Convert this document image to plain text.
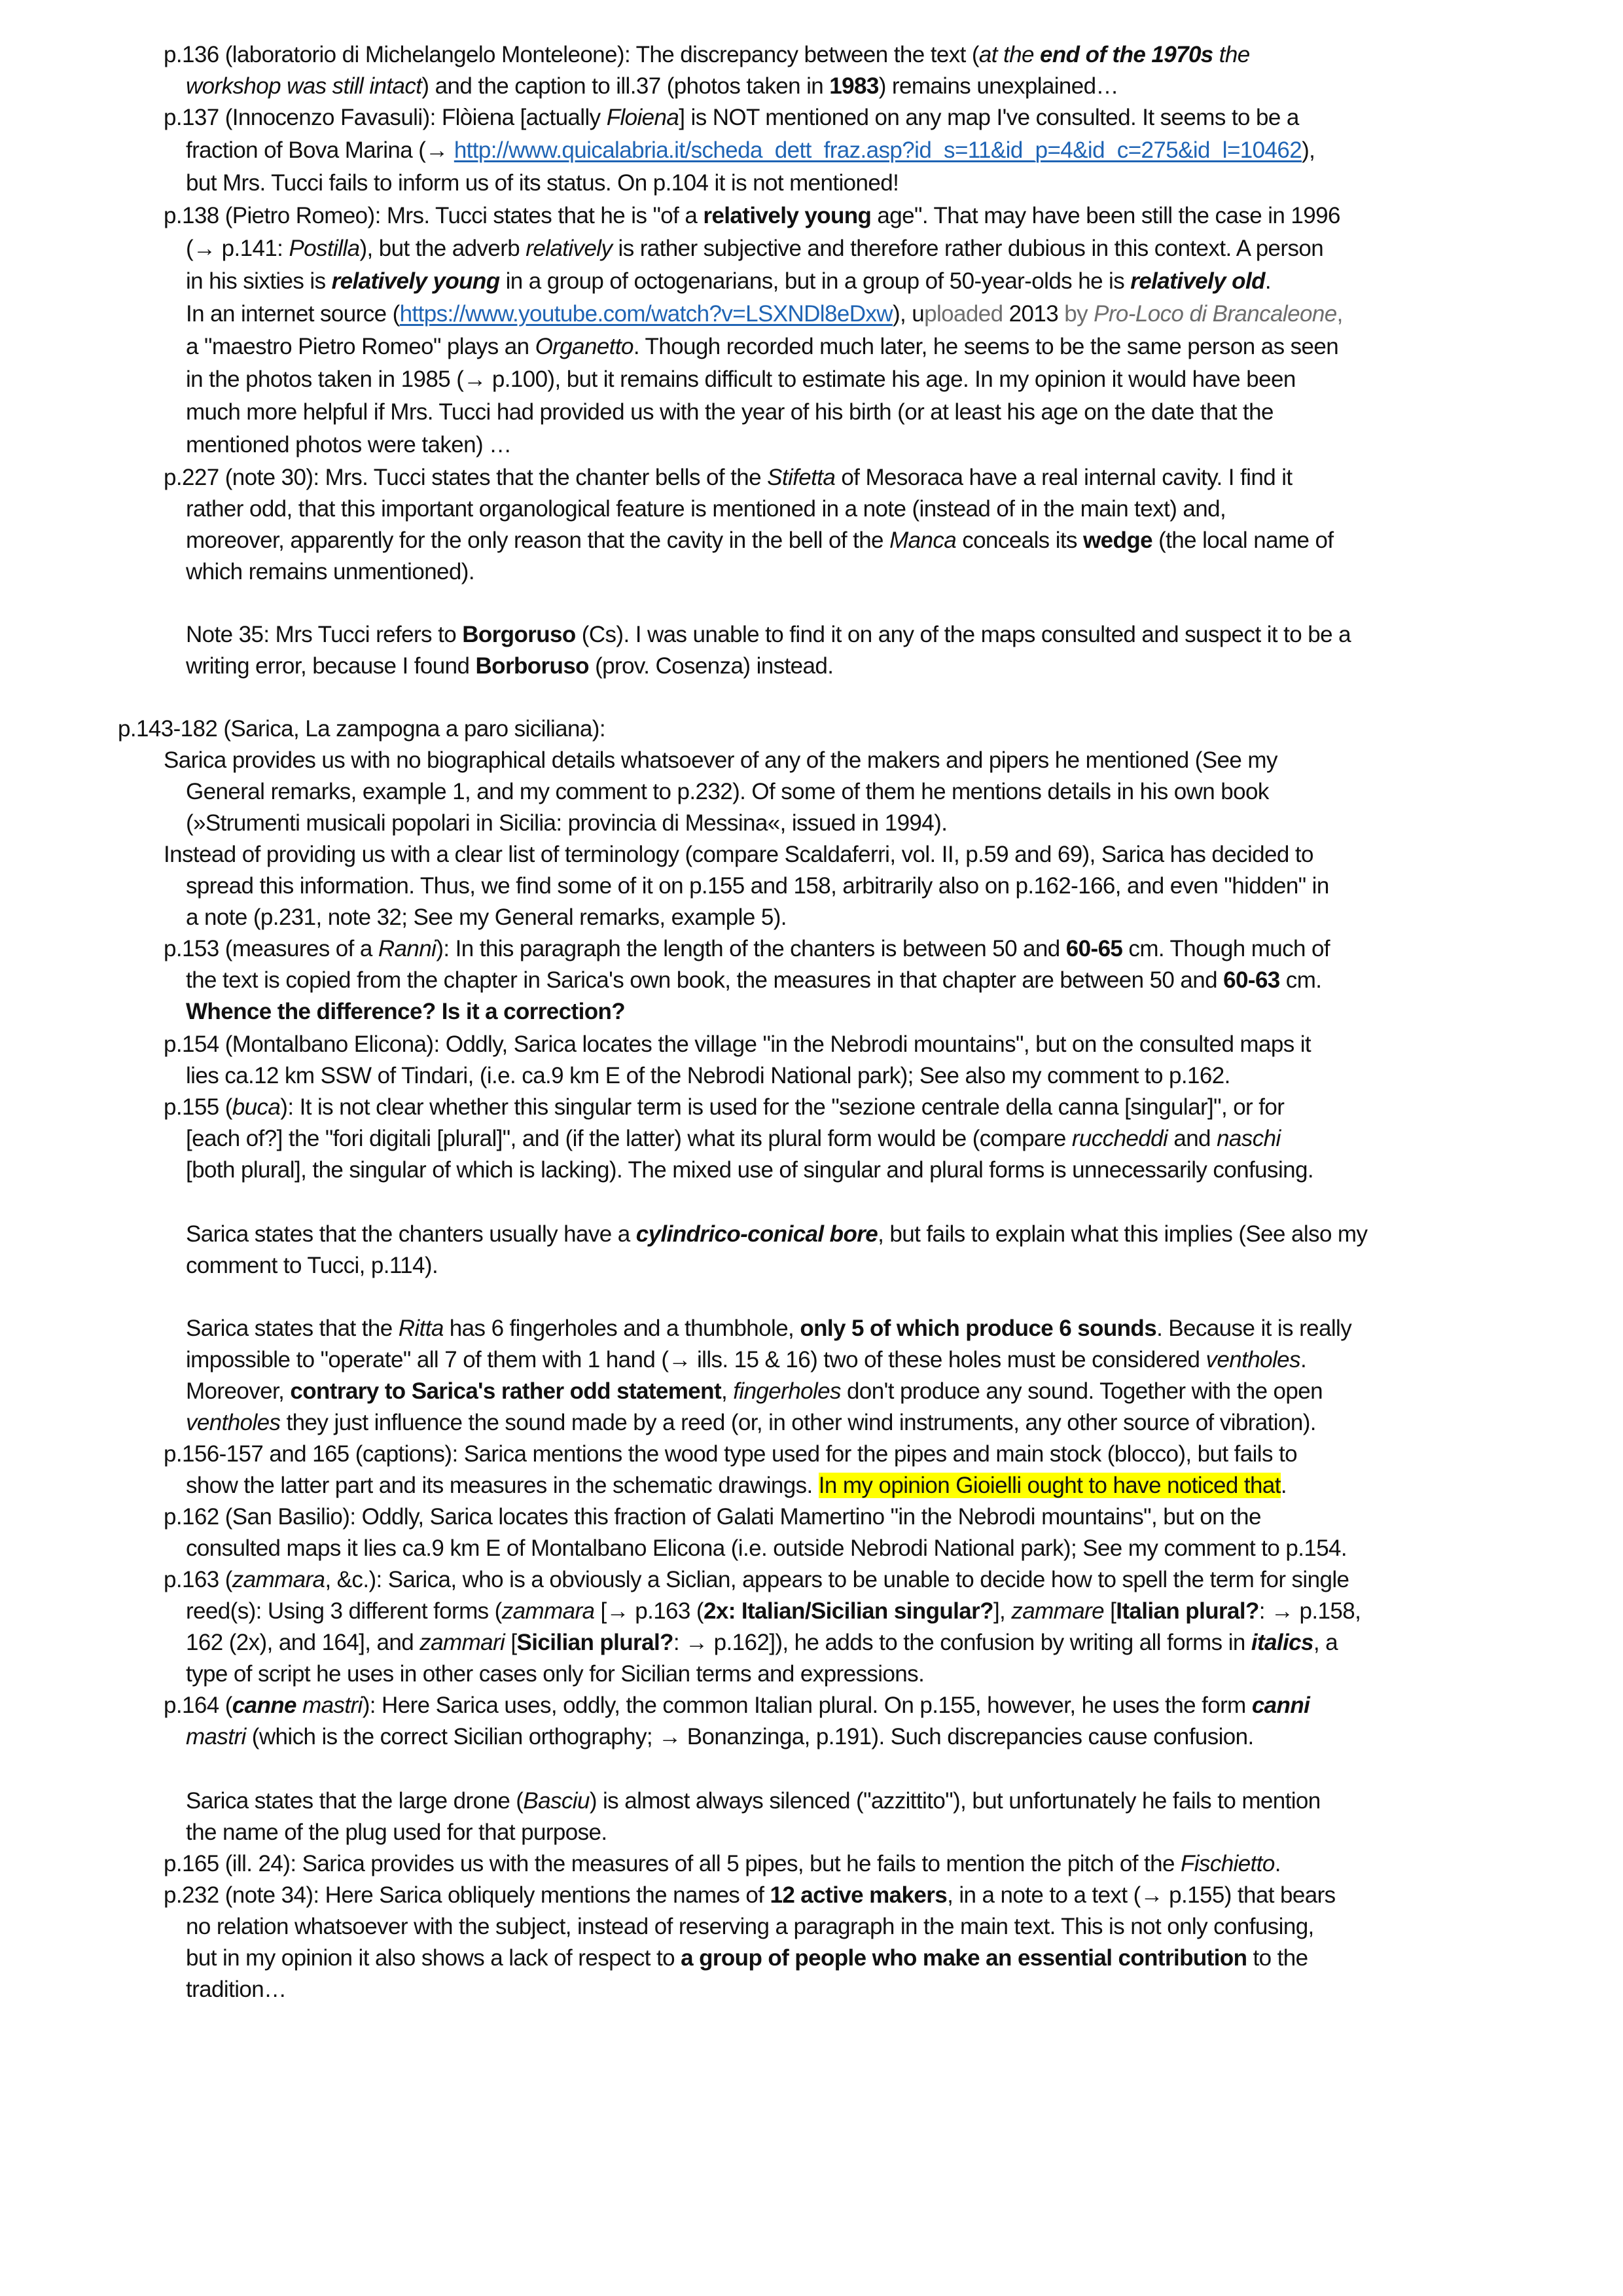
p.136 (laboratorio di Michelangelo Monteleone): The discrepancy between the text (at the end of the 1970s the
workshop was still intact) and the caption to ill.37 (photos taken in 1983) remains unexplained…
p.137 (Innocenzo Favasuli): Flòiena [actually Floiena] is NOT mentioned on any map I've consulted. It seems to be a
fraction of Bova Marina (→ http://www.quicalabria.it/scheda_dett_fraz.asp?id_s=11&id_p=4&id_c=275&id_l=10462),
but Mrs. Tucci fails to inform us of its status. On p.104 it is not mentioned!
p.138 (Pietro Romeo): Mrs. Tucci states that he is "of a relatively young age". That may have been still the case in 1996
(→ p.141: Postilla), but the adverb relatively is rather subjective and therefore rather dubious in this context. A person
in his sixties is relatively young in a group of octogenarians, but in a group of 50-year-olds he is relatively old.
In an internet source (https://www.youtube.com/watch?v=LSXNDl8eDxw), uploaded 2013 by Pro-Loco di Brancaleone,
a "maestro Pietro Romeo" plays an Organetto. Though recorded much later, he seems to be the same person as seen
in the photos taken in 1985 (→ p.100), but it remains difficult to estimate his age. In my opinion it would have been
much more helpful if Mrs. Tucci had provided us with the year of his birth (or at least his age on the date that the
mentioned photos were taken) …
p.227 (note 30): Mrs. Tucci states that the chanter bells of the Stifetta of Mesoraca have a real internal cavity. I find it
rather odd, that this important organological feature is mentioned in a note (instead of in the main text) and,
moreover, apparently for the only reason that the cavity in the bell of the Manca conceals its wedge (the local name of
which remains unmentioned).
Note 35: Mrs Tucci refers to Borgoruso (Cs). I was unable to find it on any of the maps consulted and suspect it to be a
writing error, because I found Borboruso (prov. Cosenza) instead.
p.143-182 (Sarica, La zampogna a paro siciliana):
Sarica provides us with no biographical details whatsoever of any of the makers and pipers he mentioned (See my
General remarks, example 1, and my comment to p.232). Of some of them he mentions details in his own book
(»Strumenti musicali popolari in Sicilia: provincia di Messina«, issued in 1994).
Instead of providing us with a clear list of terminology (compare Scaldaferri, vol. II, p.59 and 69), Sarica has decided to
spread this information. Thus, we find some of it on p.155 and 158, arbitrarily also on p.162-166, and even "hidden" in
a note (p.231, note 32; See my General remarks, example 5).
p.153 (measures of a Ranni): In this paragraph the length of the chanters is between 50 and 60-65 cm. Though much of
the text is copied from the chapter in Sarica's own book, the measures in that chapter are between 50 and 60-63 cm.
Whence the difference? Is it a correction?
p.154 (Montalbano Elicona): Oddly, Sarica locates the village "in the Nebrodi mountains", but on the consulted maps it
lies ca.12 km SSW of Tindari, (i.e. ca.9 km E of the Nebrodi National park); See also my comment to p.162.
p.155 (buca): It is not clear whether this singular term is used for the "sezione centrale della canna [singular]", or for
[each of?] the "fori digitali [plural]", and (if the latter) what its plural form would be (compare ruccheddi and naschi
[both plural], the singular of which is lacking). The mixed use of singular and plural forms is unnecessarily confusing.
Sarica states that the chanters usually have a cylindrico-conical bore, but fails to explain what this implies (See also my
comment to Tucci, p.114).
Sarica states that the Ritta has 6 fingerholes and a thumbhole, only 5 of which produce 6 sounds. Because it is really
impossible to "operate" all 7 of them with 1 hand (→ ills. 15 & 16) two of these holes must be considered ventholes.
Moreover, contrary to Sarica's rather odd statement, fingerholes don't produce any sound. Together with the open
ventholes they just influence the sound made by a reed (or, in other wind instruments, any other source of vibration).
p.156-157 and 165 (captions): Sarica mentions the wood type used for the pipes and main stock (blocco), but fails to
show the latter part and its measures in the schematic drawings. In my opinion Gioielli ought to have noticed that.
p.162 (San Basilio): Oddly, Sarica locates this fraction of Galati Mamertino "in the Nebrodi mountains", but on the
consulted maps it lies ca.9 km E of Montalbano Elicona (i.e. outside Nebrodi National park); See my comment to p.154.
p.163 (zammara, &c.): Sarica, who is a obviously a Siclian, appears to be unable to decide how to spell the term for single
reed(s): Using 3 different forms (zammara [→ p.163 (2x: Italian/Sicilian singular?], zammare [Italian plural?: → p.158,
162 (2x), and 164], and zammari [Sicilian plural?: → p.162]), he adds to the confusion by writing all forms in italics, a
type of script he uses in other cases only for Sicilian terms and expressions.
p.164 (canne mastri): Here Sarica uses, oddly, the common Italian plural. On p.155, however, he uses the form canni
mastri (which is the correct Sicilian orthography; → Bonanzinga, p.191). Such discrepancies cause confusion.
Sarica states that the large drone (Basciu) is almost always silenced ("azzittito"), but unfortunately he fails to mention
the name of the plug used for that purpose.
p.165 (ill. 24): Sarica provides us with the measures of all 5 pipes, but he fails to mention the pitch of the Fischietto.
p.232 (note 34): Here Sarica obliquely mentions the names of 12 active makers, in a note to a text (→ p.155) that bears
no relation whatsoever with the subject, instead of reserving a paragraph in the main text. This is not only confusing,
but in my opinion it also shows a lack of respect to a group of people who make an essential contribution to the
tradition…
